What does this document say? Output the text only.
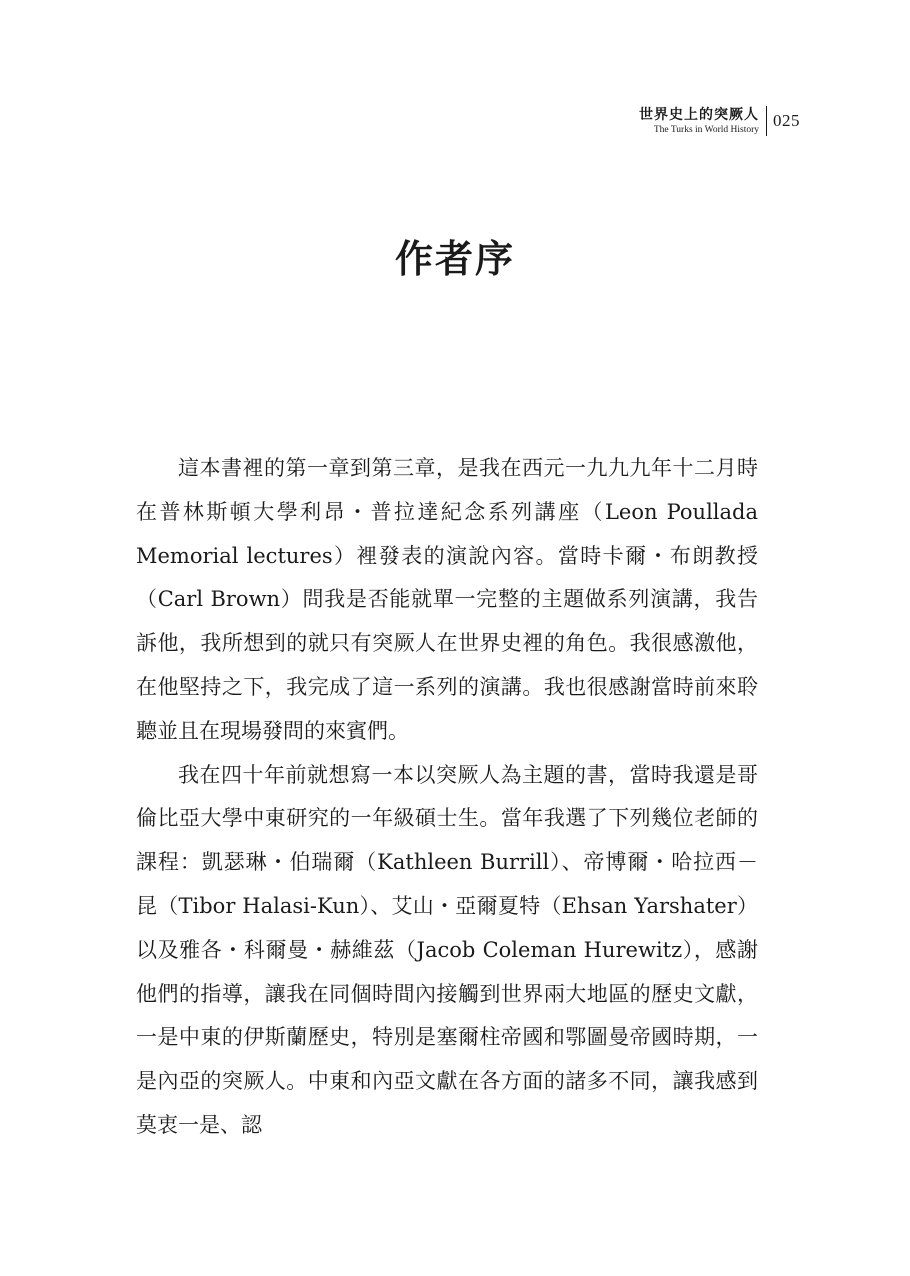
世界史上的突厥人
The Turks in World History 025
作者序

這本書裡的第一章到第三章，是我在西元一九九九年十二月時在普林斯頓大學利昂・普拉達紀念系列講座（Leon Poullada Memorial lectures）裡發表的演說內容。當時卡爾・布朗教授（Carl Brown）問我是否能就單一完整的主題做系列演講，我告訴他，我所想到的就只有突厥人在世界史裡的角色。我很感激他，在他堅持之下，我完成了這一系列的演講。我也很感謝當時前來聆聽並且在現場發問的來賓們。

我在四十年前就想寫一本以突厥人為主題的書，當時我還是哥倫比亞大學中東研究的一年級碩士生。當年我選了下列幾位老師的課程：凱瑟琳・伯瑞爾（Kathleen Burrill）、帝博爾・哈拉西－昆（Tibor Halasi-Kun）、艾山・亞爾夏特（Ehsan Yarshater）以及雅各・科爾曼・赫維茲（Jacob Coleman Hurewitz），感謝他們的指導，讓我在同個時間內接觸到世界兩大地區的歷史文獻，一是中東的伊斯蘭歷史，特別是塞爾柱帝國和鄂圖曼帝國時期，一是內亞的突厥人。中東和內亞文獻在各方面的諸多不同，讓我感到莫衷一是、認
